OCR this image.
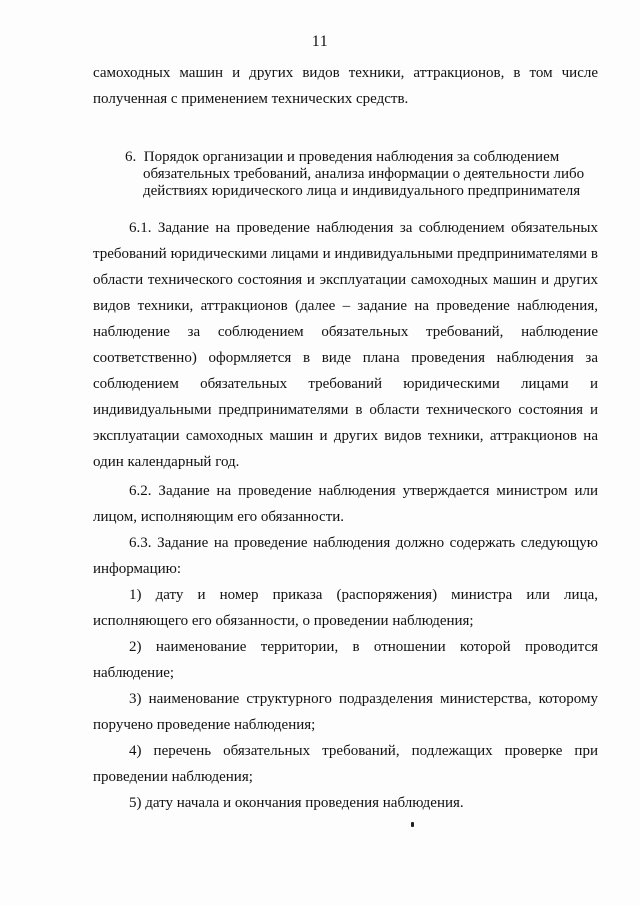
11

самоходных машин и других видов техники, аттракционов, в том числе полученная с применением технических средств.

6. Порядок организации и проведения наблюдения за соблюдением
обязательных требований, анализа информации о деятельности либо
действиях юридического лица и индивидуального предпринимателя

6.1. Задание на проведение наблюдения за соблюдением обязательных требований юридическими лицами и индивидуальными предпринимателями в области технического состояния и эксплуатации самоходных машин и других видов техники, аттракционов (далее – задание на проведение наблюдения, наблюдение за соблюдением обязательных требований, наблюдение соответственно) оформляется в виде плана проведения наблюдения за соблюдением обязательных требований юридическими лицами и индивидуальными предпринимателями в области технического состояния и эксплуатации самоходных машин и других видов техники, аттракционов на один календарный год.

6.2. Задание на проведение наблюдения утверждается министром или лицом, исполняющим его обязанности.

6.3. Задание на проведение наблюдения должно содержать следующую информацию:

1) дату и номер приказа (распоряжения) министра или лица, исполняющего его обязанности, о проведении наблюдения;

2) наименование территории, в отношении которой проводится наблюдение;

3) наименование структурного подразделения министерства, которому поручено проведение наблюдения;

4) перечень обязательных требований, подлежащих проверке при проведении наблюдения;

5) дату начала и окончания проведения наблюдения.
